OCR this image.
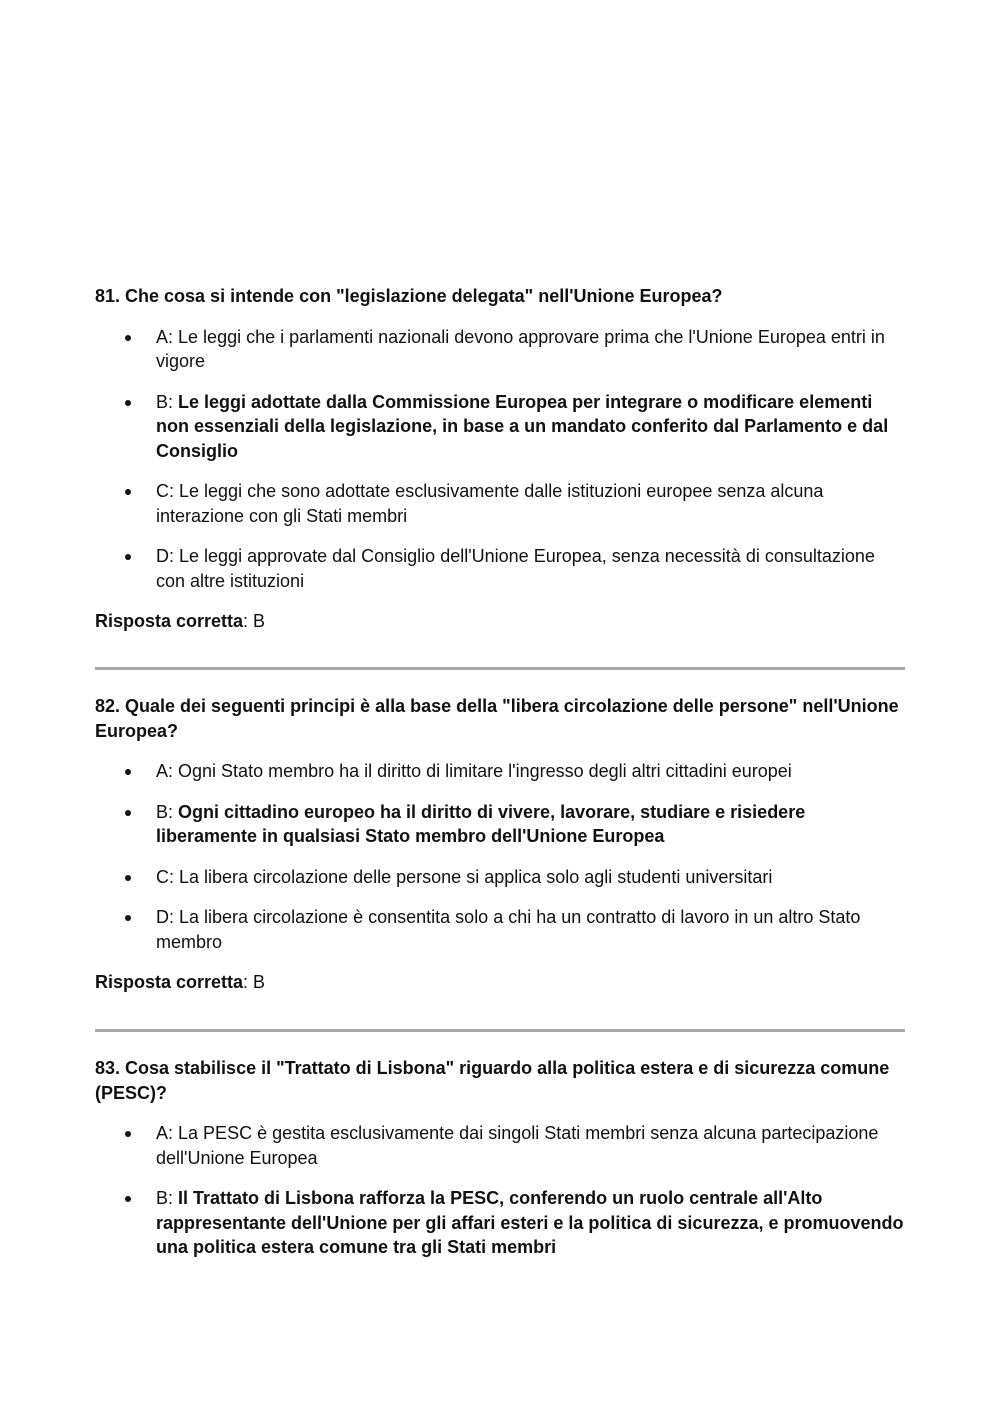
81. Che cosa si intende con "legislazione delegata" nell'Unione Europea?

A: Le leggi che i parlamenti nazionali devono approvare prima che l'Unione Europea entri in vigore
B: Le leggi adottate dalla Commissione Europea per integrare o modificare elementi non essenziali della legislazione, in base a un mandato conferito dal Parlamento e dal Consiglio
C: Le leggi che sono adottate esclusivamente dalle istituzioni europee senza alcuna interazione con gli Stati membri
D: Le leggi approvate dal Consiglio dell'Unione Europea, senza necessità di consultazione con altre istituzioni

Risposta corretta: B

82. Quale dei seguenti principi è alla base della "libera circolazione delle persone" nell'Unione Europea?

A: Ogni Stato membro ha il diritto di limitare l'ingresso degli altri cittadini europei
B: Ogni cittadino europeo ha il diritto di vivere, lavorare, studiare e risiedere liberamente in qualsiasi Stato membro dell'Unione Europea
C: La libera circolazione delle persone si applica solo agli studenti universitari
D: La libera circolazione è consentita solo a chi ha un contratto di lavoro in un altro Stato membro

Risposta corretta: B

83. Cosa stabilisce il "Trattato di Lisbona" riguardo alla politica estera e di sicurezza comune (PESC)?

A: La PESC è gestita esclusivamente dai singoli Stati membri senza alcuna partecipazione dell'Unione Europea
B: Il Trattato di Lisbona rafforza la PESC, conferendo un ruolo centrale all'Alto rappresentante dell'Unione per gli affari esteri e la politica di sicurezza, e promuovendo una politica estera comune tra gli Stati membri
